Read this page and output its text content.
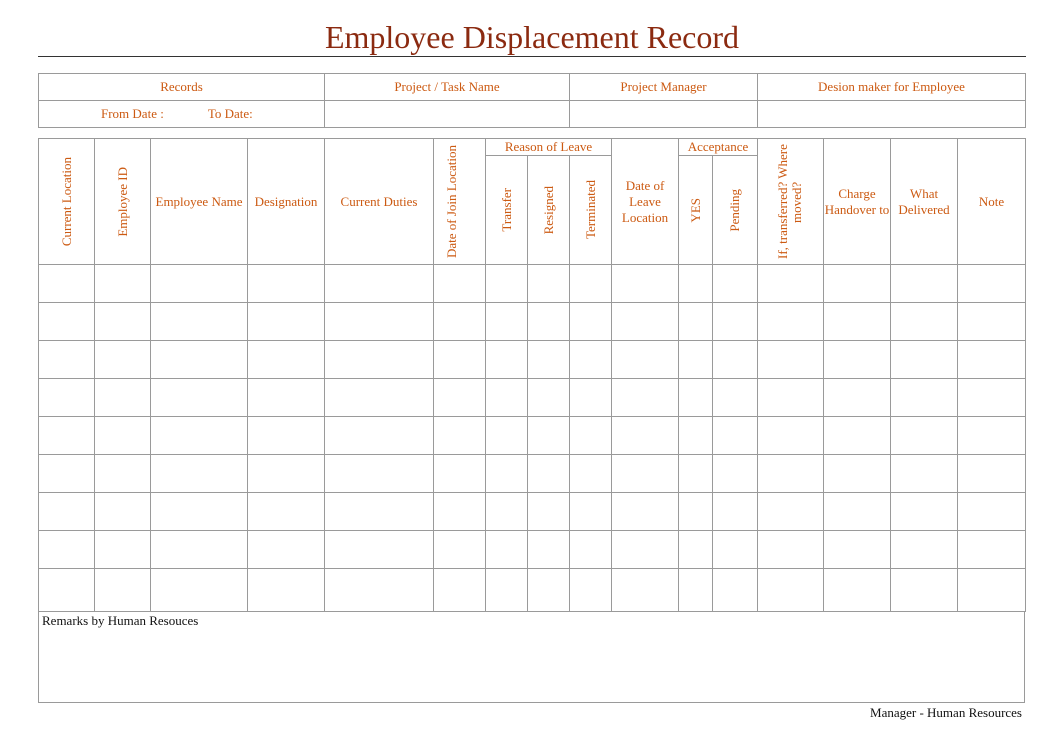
Employee Displacement Record
Records	Project / Task Name	Project Manager	Desion maker for Employee
From Date : To Date:			
Current Location	Employee ID	Employee Name	Designation	Current Duties	Date of Join Location	Reason of Leave			Date of Leave Location	Acceptance		If, transferred? Where moved?	Charge Handover to	What Delivered	Note

						Transfer	Resigned	Terminated		YES	Pending				

Remarks by Human Resouces
Manager - Human Resources
